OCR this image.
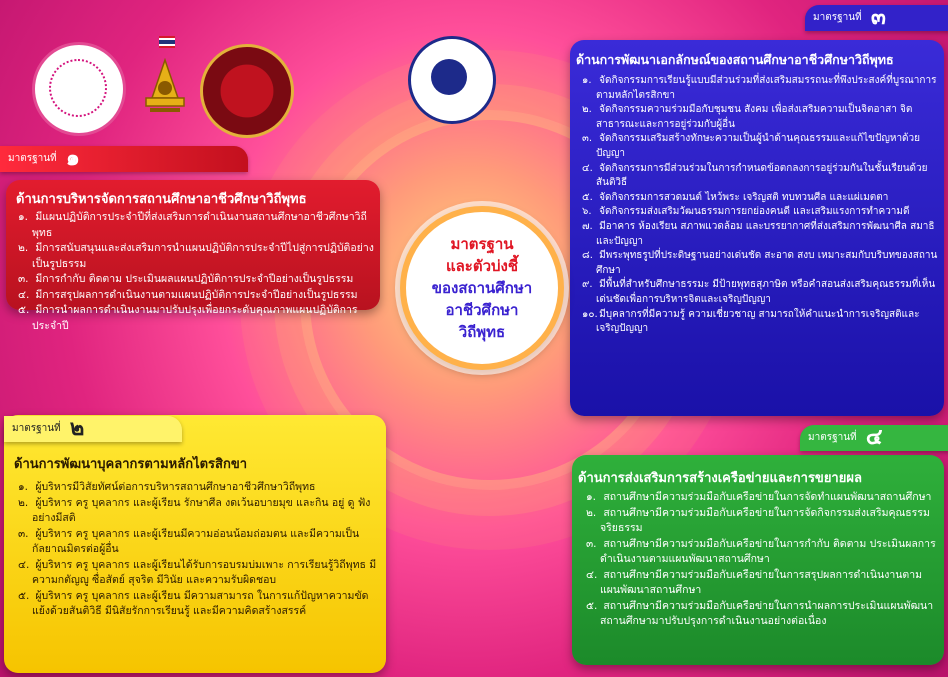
ด้านการบริหารจัดการสถานศึกษาอาชีวศึกษาวิถีพุทธ
มาตรฐานที่ ๑
๑. มีแผนปฏิบัติการประจำปีที่ส่งเสริมการดำเนินงานสถานศึกษาอาชีวศึกษาวิถีพุทธ
๒. มีการสนับสนุนและส่งเสริมการนำแผนปฏิบัติการประจำปีไปสู่การปฏิบัติอย่างเป็นรูปธรรม
๓. มีการกำกับ ติดตาม ประเมินผลแผนปฏิบัติการประจำปีอย่างเป็นรูปธรรม
๔. มีการสรุปผลการดำเนินงานตามแผนปฏิบัติการประจำปีอย่างเป็นรูปธรรม
๕. มีการนำผลการดำเนินงานมาปรับปรุงเพื่อยกระดับคุณภาพแผนปฏิบัติการประจำปี
ด้านการพัฒนาบุคลากรตามหลักไตรสิกขา
มาตรฐานที่ ๒
๑. ผู้บริหารมีวิสัยทัศน์ต่อการบริหารสถานศึกษาอาชีวศึกษาวิถีพุทธ
๒. ผู้บริหาร ครู บุคลากร และผู้เรียน รักษาศีล งดเว้นอบายมุข และกิน อยู่ ดู ฟัง อย่างมีสติ
๓. ผู้บริหาร ครู บุคลากร และผู้เรียนมีความอ่อนน้อมถ่อมตน และมีความเป็นกัลยาณมิตรต่อผู้อื่น
๔. ผู้บริหาร ครู บุคลากร และผู้เรียนได้รับการอบรมบ่มเพาะ การเรียนรู้วิถีพุทธ มีความกตัญญู ซื่อสัตย์ สุจริต มีวินัย และความรับผิดชอบ
๕. ผู้บริหาร ครู บุคลากร และผู้เรียน มีความสามารถ ในการแก้ปัญหาความขัดแย้งด้วยสันติวิธี มีนิสัยรักการเรียนรู้ และมีความคิดสร้างสรรค์
ด้านการพัฒนาเอกลักษณ์ของสถานศึกษาอาชีวศึกษาวิถีพุทธ
มาตรฐานที่ ๓
๑. จัดกิจกรรมการเรียนรู้แบบมีส่วนร่วมที่ส่งเสริมสมรรถนะที่พึงประสงค์ที่บูรณาการตามหลักไตรสิกขา
๒. จัดกิจกรรมความร่วมมือกับชุมชน สังคม เพื่อส่งเสริมความเป็นจิตอาสา จิตสาธารณะและการอยู่ร่วมกับผู้อื่น
๓. จัดกิจกรรมเสริมสร้างทักษะความเป็นผู้นำด้านคุณธรรมและแก้ไขปัญหาด้วยปัญญา
๔. จัดกิจกรรมการมีส่วนร่วมในการกำหนดข้อตกลงการอยู่ร่วมกันในชั้นเรียนด้วยสันติวิธี
๕. จัดกิจกรรมการสวดมนต์ ไหว้พระ เจริญสติ ทบทวนศีล และแผ่เมตตา
๖. จัดกิจกรรมส่งเสริมวัฒนธรรมการยกย่องคนดี และเสริมแรงการทำความดี
๗. มีอาคาร ห้องเรียน สภาพแวดล้อม และบรรยากาศที่ส่งเสริมการพัฒนาศีล สมาธิและปัญญา
๘. มีพระพุทธรูปที่ประดิษฐานอย่างเด่นชัด สะอาด สงบ เหมาะสมกับบริบทของสถานศึกษา
๙. มีพื้นที่สำหรับศึกษาธรรมะ มีป้ายพุทธสุภาษิต หรือคำสอนส่งเสริมคุณธรรมที่เห็นเด่นชัดเพื่อการบริหารจิตและเจริญปัญญา
๑๐. มีบุคลากรที่มีความรู้ ความเชี่ยวชาญ สามารถให้คำแนะนำการเจริญสติและเจริญปัญญา
ด้านการส่งเสริมการสร้างเครือข่ายและการขยายผล
มาตรฐานที่ ๔
๑. สถานศึกษามีความร่วมมือกับเครือข่ายในการจัดทำแผนพัฒนาสถานศึกษา
๒. สถานศึกษามีความร่วมมือกับเครือข่ายในการจัดกิจกรรมส่งเสริมคุณธรรมจริยธรรม
๓. สถานศึกษามีความร่วมมือกับเครือข่ายในการกำกับ ติดตาม ประเมินผลการดำเนินงานตามแผนพัฒนาสถานศึกษา
๔. สถานศึกษามีความร่วมมือกับเครือข่ายในการสรุปผลการดำเนินงานตามแผนพัฒนาสถานศึกษา
๕. สถานศึกษามีความร่วมมือกับเครือข่ายในการนำผลการประเมินแผนพัฒนาสถานศึกษามาปรับปรุงการดำเนินงานอย่างต่อเนื่อง
มาตรฐาน
และตัวบ่งชี้
ของสถานศึกษา
อาชีวศึกษา
วิถีพุทธ
